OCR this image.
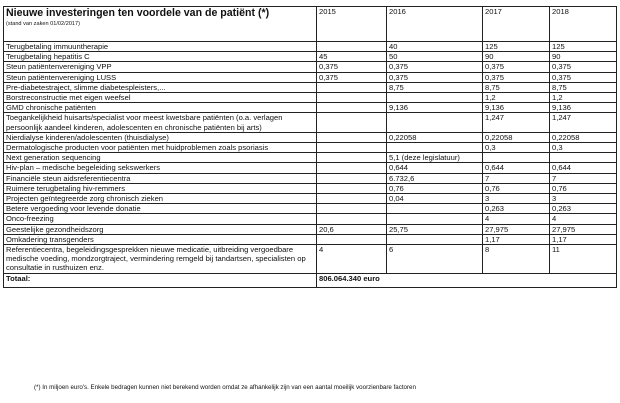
Nieuwe investeringen ten voordele van de patiënt (*)
(stand van zaken 01/02/2017)	2015	2016	2017	2018
Terugbetaling immuuntherapie		40	125	125
Terugbetaling hepatitis C	45	50	90	90
Steun patiëntenvereniging VPP	0,375	0,375	0,375	0,375
Steun patiëntenvereniging LUSS	0,375	0,375	0,375	0,375
Pre-diabetestraject, slimme diabetespleisters,...		8,75	8,75	8,75
Borstreconstructie met eigen weefsel			1,2	1,2
GMD chronische patiënten		9,136	9,136	9,136
Toegankelijkheid huisarts/specialist voor meest kwetsbare patiënten (o.a. verlagen persoonlijk aandeel kinderen, adolescenten en chronische patiënten bij arts)			1,247	1,247
Nierdialyse kinderen/adolescenten (thuisdialyse)		0,22058	0,22058	0,22058
Dermatologische producten voor patiënten met huidproblemen zoals psoriasis			0,3	0,3
Next generation sequencing		5,1 (deze legislatuur)		
Hiv-plan – medische begeleiding sekswerkers		0,644	0,644	0,644
Financiële steun aidsreferentiecentra		6.732,6	7	7
Ruimere terugbetaling hiv-remmers		0,76	0,76	0,76
Projecten geïntegreerde zorg chronisch zieken		0,04	3	3
Betere vergoeding voor levende donatie			0,263	0,263
Onco-freezing			4	4
Geestelijke gezondheidszorg	20,6	25,75	27,975	27,975
Omkadering transgenders			1,17	1,17
Referentiecentra, begeleidingsgesprekken nieuwe medicatie, uitbreiding vergoedbare medische voeding, mondzorgtraject, vermindering remgeld bij tandartsen, specialisten op consultatie in rusthuizen enz.	4	6	8	11
Totaal:	806.064.340 euro			
(*) In miljoen euro's. Enkele bedragen kunnen niet berekend worden omdat ze afhankelijk zijn van een aantal moeilijk voorzienbare factoren
